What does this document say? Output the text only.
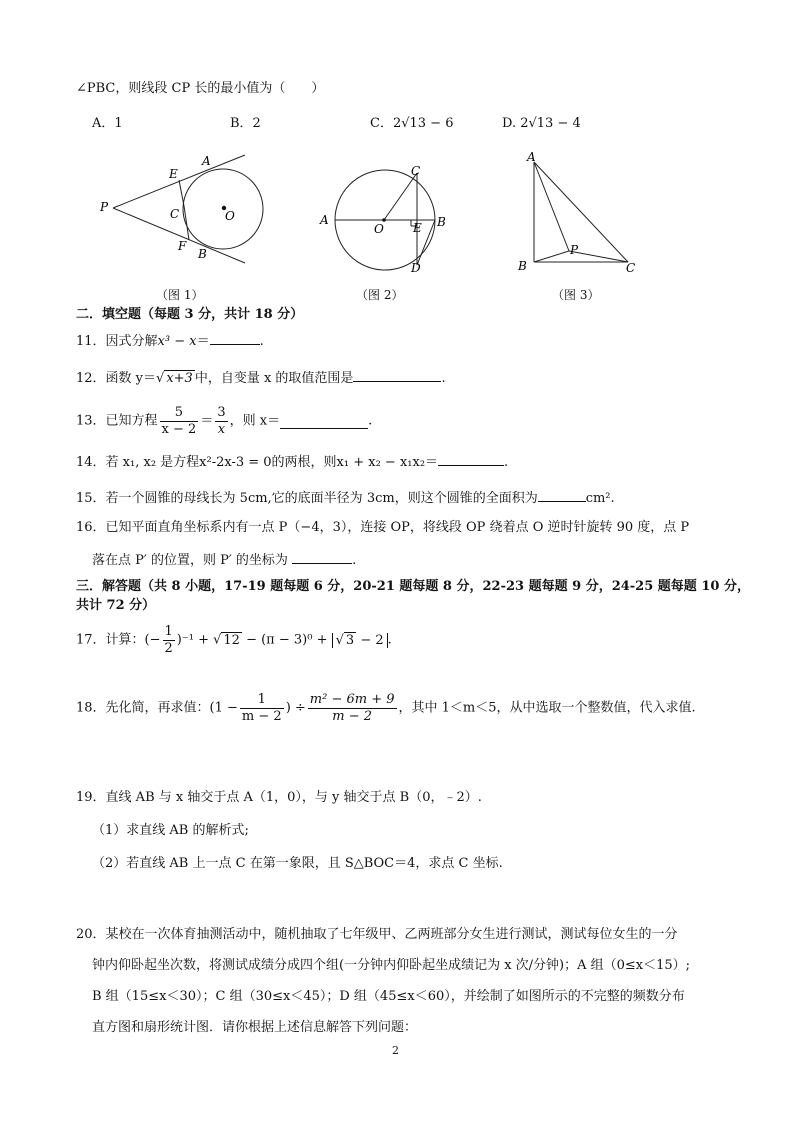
∠PBC，则线段 CP 长的最小值为（　　）
A．1	B．2	C．2√13 − 6	D. 2√13 − 4
P
E
A
C	O
F
B
（图 1）
A
O
C
B
E
D
（图 2）
A
P
B	C
（图 3）
二．填空题（每题 3 分，共计 18 分）
11．因式分解x³ − x＝	.
12．函数 y＝√ x+3 中，自变量 x 的取值范围是	.
13．已知方程 $\frac{5}{x - 2} = \frac{3}{x}$ ，则 x＝	.
14．若 x₁, x₂ 是方程x²-2x-3 = 0的两根，则x₁ + x₂ − x₁x₂＝	.
15．若一个圆锥的母线长为 5cm,它的底面半径为 3cm，则这个圆锥的全面积为	cm².
16．已知平面直角坐标系内有一点 P（−4，3），连接 OP，将线段 OP 绕着点 O 逆时针旋转 90 度，点 P
落在点 P′ 的位置，则 P′ 的坐标为	.
三．解答题（共 8 小题，17-19 题每题 6 分，20-21 题每题 8 分，22-23 题每题 9 分，24-25 题每题 10 分，
共计 72 分）
17．计算：(− $\frac{1}{2} )^{-1}$ + √ 12 − (π − 3)⁰ + √ 3 − 2 .
18．先化简，再求值：($1 - \frac{1}{m - 2}$ ) ÷ $\frac{\text{m² − 6m + 9}}{m - 2}$ ，其中 1＜m＜5，从中选取一个整数值，代入求值.
19．直线 AB 与 x 轴交于点 A（1，0），与 y 轴交于点 B（0，﹣2）.
（1）求直线 AB 的解析式;
（2）若直线 AB 上一点 C 在第一象限，且 S△BOC＝4，求点 C 坐标.
20．某校在一次体育抽测活动中，随机抽取了七年级甲、乙两班部分女生进行测试，测试每位女生的一分
钟内仰卧起坐次数，将测试成绩分成四个组(一分钟内仰卧起坐成绩记为 x 次/分钟)；A 组（0≤x＜15）;
B 组（15≤x＜30）；C 组（30≤x＜45）；D 组（45≤x＜60），并绘制了如图所示的不完整的频数分布
直方图和扇形统计图．请你根据上述信息解答下列问题：
2
